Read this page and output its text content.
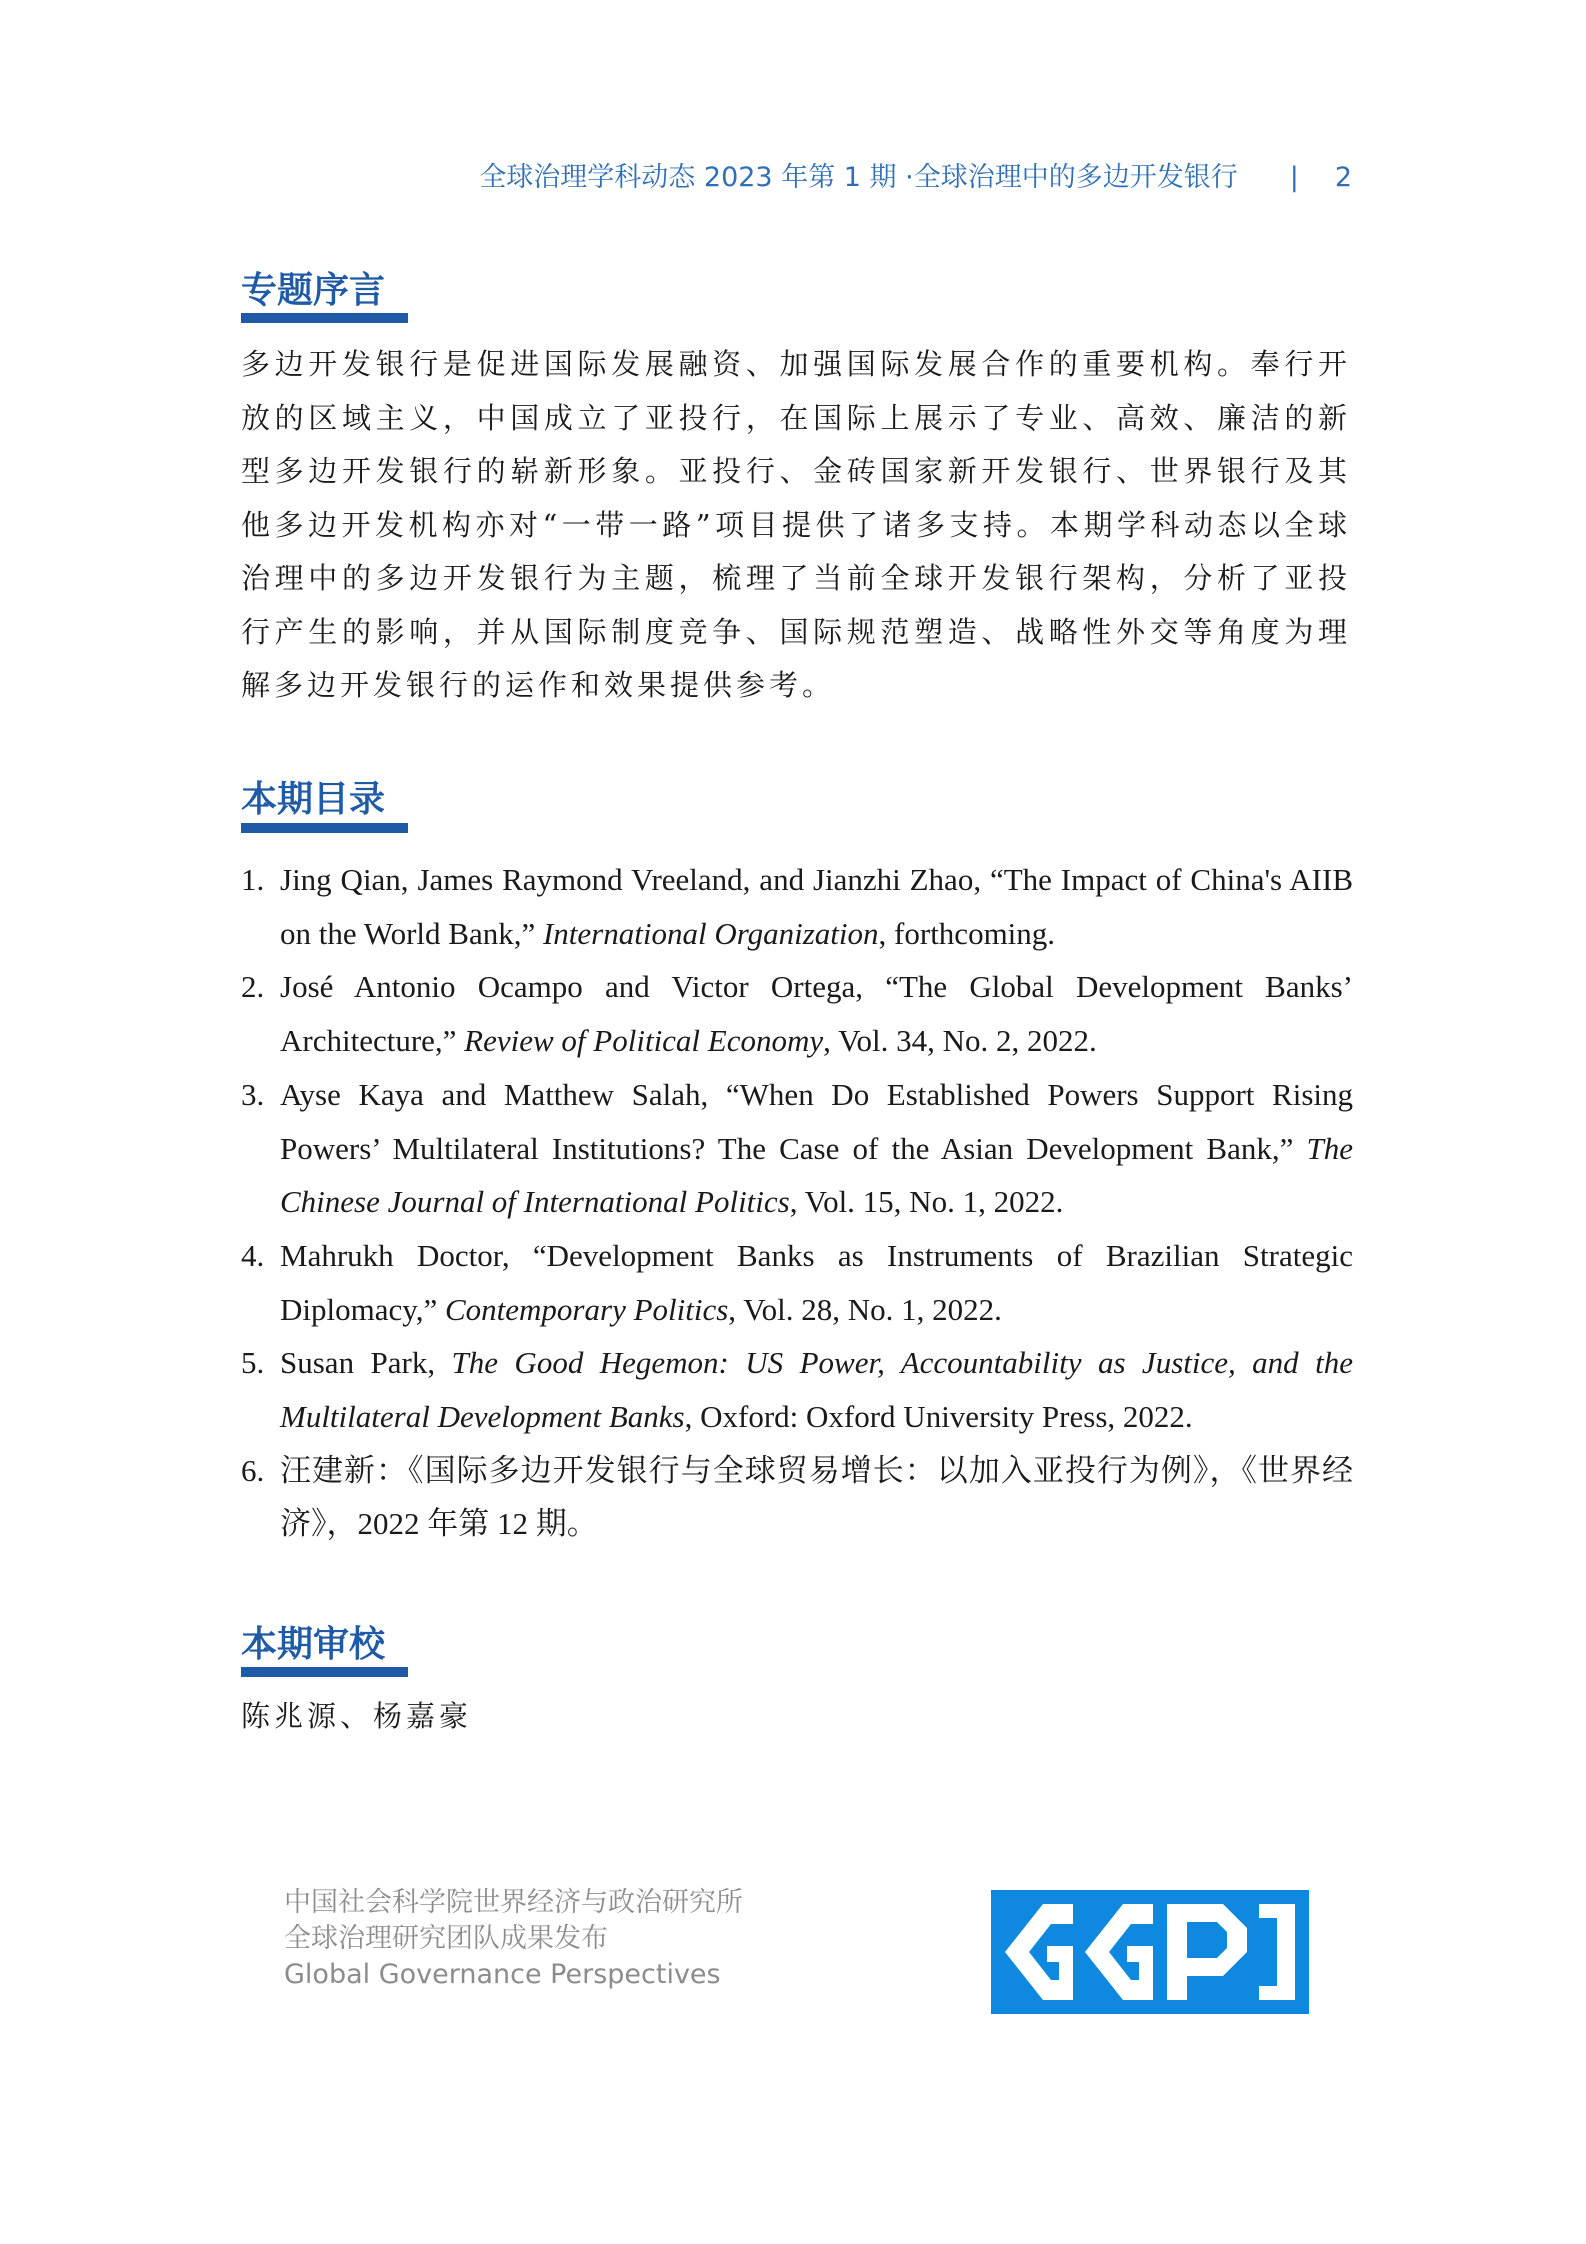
全球治理学科动态 2023 年第 1 期 ·全球治理中的多边开发银行 | 2
专题序言
多边开发银行是促进国际发展融资、加强国际发展合作的重要机构。奉行开放的区域主义，中国成立了亚投行，在国际上展示了专业、高效、廉洁的新型多边开发银行的崭新形象。亚投行、金砖国家新开发银行、世界银行及其他多边开发机构亦对“一带一路”项目提供了诸多支持。本期学科动态以全球治理中的多边开发银行为主题，梳理了当前全球开发银行架构，分析了亚投行产生的影响，并从国际制度竞争、国际规范塑造、战略性外交等角度为理解多边开发银行的运作和效果提供参考。
本期目录
1. Jing Qian, James Raymond Vreeland, and Jianzhi Zhao, “The Impact of China's AIIB on the World Bank,” International Organization, forthcoming.
2. José Antonio Ocampo and Victor Ortega, “The Global Development Banks’ Architecture,” Review of Political Economy, Vol. 34, No. 2, 2022.
3. Ayse Kaya and Matthew Salah, “When Do Established Powers Support Rising Powers’ Multilateral Institutions? The Case of the Asian Development Bank,” The Chinese Journal of International Politics, Vol. 15, No. 1, 2022.
4. Mahrukh Doctor, “Development Banks as Instruments of Brazilian Strategic Diplomacy,” Contemporary Politics, Vol. 28, No. 1, 2022.
5. Susan Park, The Good Hegemon: US Power, Accountability as Justice, and the Multilateral Development Banks, Oxford: Oxford University Press, 2022.
6. 汪建新：《国际多边开发银行与全球贸易增长：以加入亚投行为例》，《世界经济》，2022 年第 12 期。
本期审校
陈兆源、杨嘉豪
中国社会科学院世界经济与政治研究所
全球治理研究团队成果发布
Global Governance Perspectives
GGPI
